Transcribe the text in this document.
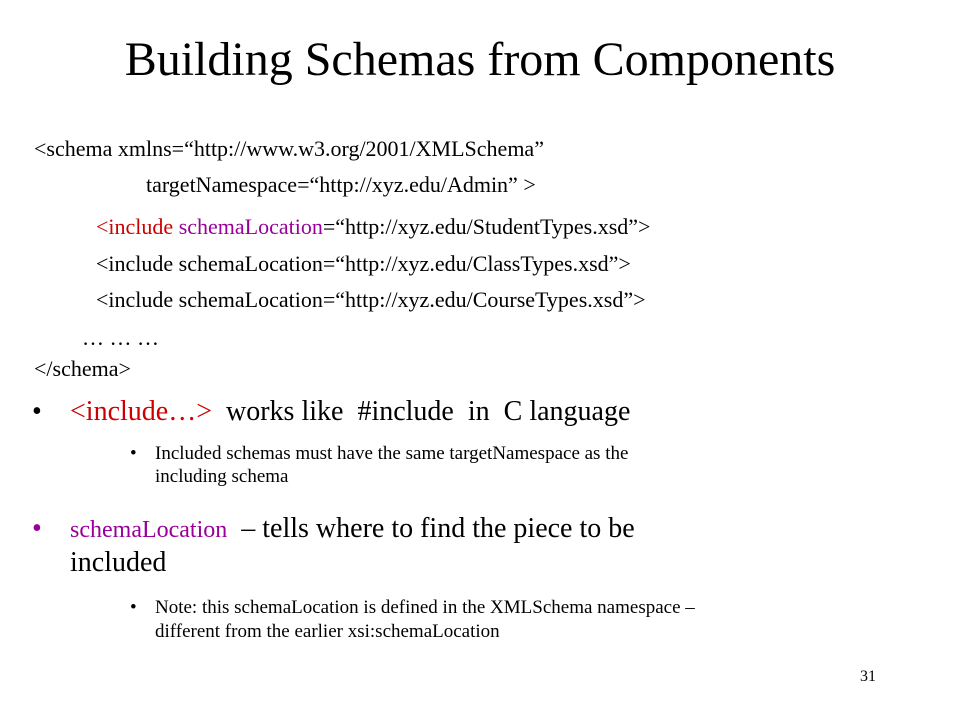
Building Schemas from Components
<schema xmlns=“http://www.w3.org/2001/XMLSchema”
targetNamespace=“http://xyz.edu/Admin” >
<include schemaLocation=“http://xyz.edu/StudentTypes.xsd”>
<include schemaLocation=“http://xyz.edu/ClassTypes.xsd”>
<include schemaLocation=“http://xyz.edu/CourseTypes.xsd”>
… … …
</schema>
• <include…>  works like  #include  in  C language
• Included schemas must have the same targetNamespace as the
including schema
• schemaLocation  – tells where to find the piece to be
included
• Note: this schemaLocation is defined in the XMLSchema namespace –
different from the earlier xsi:schemaLocation
31
